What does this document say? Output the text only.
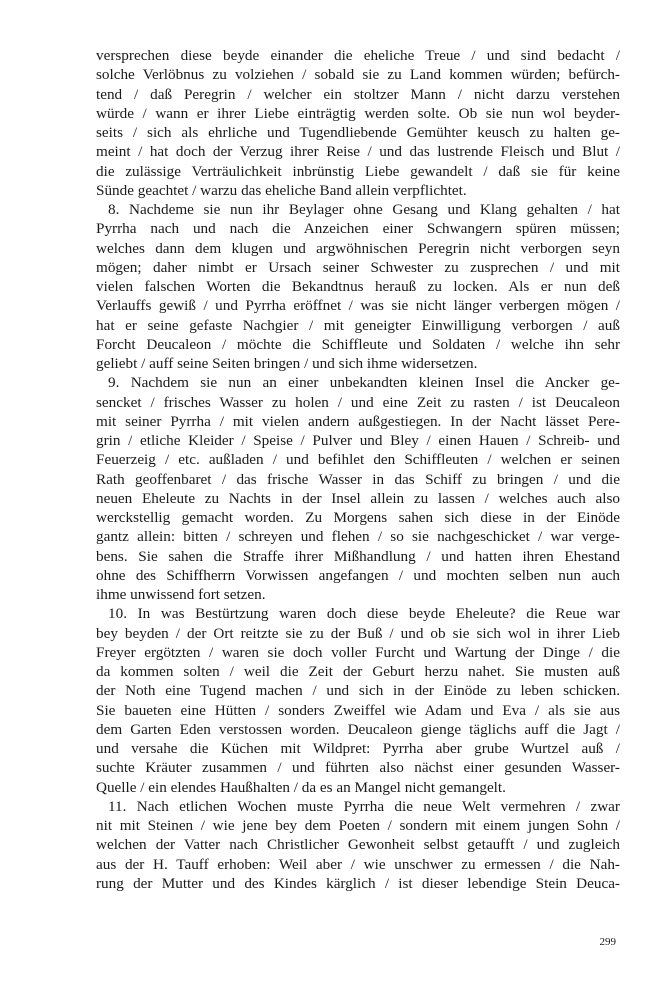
versprechen diese beyde einander die eheliche Treue / und sind bedacht /
solche Verlöbnus zu volziehen / sobald sie zu Land kommen würden; befürch-
tend / daß Peregrin / welcher ein stoltzer Mann / nicht darzu verstehen
würde / wann er ihrer Liebe einträgtig werden solte. Ob sie nun wol beyder-
seits / sich als ehrliche und Tugendliebende Gemühter keusch zu halten ge-
meint / hat doch der Verzug ihrer Reise / und das lustrende Fleisch und Blut /
die zulässige Verträulichkeit inbrünstig Liebe gewandelt / daß sie für keine
Sünde geachtet / warzu das eheliche Band allein verpflichtet.
8. Nachdeme sie nun ihr Beylager ohne Gesang und Klang gehalten / hat
Pyrrha nach und nach die Anzeichen einer Schwangern spüren müssen;
welches dann dem klugen und argwöhnischen Peregrin nicht verborgen seyn
mögen; daher nimbt er Ursach seiner Schwester zu zusprechen / und mit
vielen falschen Worten die Bekandtnus herauß zu locken. Als er nun deß
Verlauffs gewiß / und Pyrrha eröffnet / was sie nicht länger verbergen mögen /
hat er seine gefaste Nachgier / mit geneigter Einwilligung verborgen / auß
Forcht Deucaleon / möchte die Schiffleute und Soldaten / welche ihn sehr
geliebt / auff seine Seiten bringen / und sich ihme widersetzen.
9. Nachdem sie nun an einer unbekandten kleinen Insel die Ancker ge-
sencket / frisches Wasser zu holen / und eine Zeit zu rasten / ist Deucaleon
mit seiner Pyrrha / mit vielen andern außgestiegen. In der Nacht lässet Pere-
grin / etliche Kleider / Speise / Pulver und Bley / einen Hauen / Schreib- und
Feuerzeig / etc. außladen / und befihlet den Schiffleuten / welchen er seinen
Rath geoffenbaret / das frische Wasser in das Schiff zu bringen / und die
neuen Eheleute zu Nachts in der Insel allein zu lassen / welches auch also
werckstellig gemacht worden. Zu Morgens sahen sich diese in der Einöde
gantz allein: bitten / schreyen und flehen / so sie nachgeschicket / war verge-
bens. Sie sahen die Straffe ihrer Mißhandlung / und hatten ihren Ehestand
ohne des Schiffherrn Vorwissen angefangen / und mochten selben nun auch
ihme unwissend fort setzen.
10. In was Bestürtzung waren doch diese beyde Eheleute? die Reue war
bey beyden / der Ort reitzte sie zu der Buß / und ob sie sich wol in ihrer Lieb
Freyer ergötzten / waren sie doch voller Furcht und Wartung der Dinge / die
da kommen solten / weil die Zeit der Geburt herzu nahet. Sie musten auß
der Noth eine Tugend machen / und sich in der Einöde zu leben schicken.
Sie baueten eine Hütten / sonders Zweiffel wie Adam und Eva / als sie aus
dem Garten Eden verstossen worden. Deucaleon gienge täglichs auff die Jagt /
und versahe die Küchen mit Wildpret: Pyrrha aber grube Wurtzel auß /
suchte Kräuter zusammen / und führten also nächst einer gesunden Wasser-
Quelle / ein elendes Haußhalten / da es an Mangel nicht gemangelt.
11. Nach etlichen Wochen muste Pyrrha die neue Welt vermehren / zwar
nit mit Steinen / wie jene bey dem Poeten / sondern mit einem jungen Sohn /
welchen der Vatter nach Christlicher Gewonheit selbst getaufft / und zugleich
aus der H. Tauff erhoben: Weil aber / wie unschwer zu ermessen / die Nah-
rung der Mutter und des Kindes kärglich / ist dieser lebendige Stein Deuca-
299
